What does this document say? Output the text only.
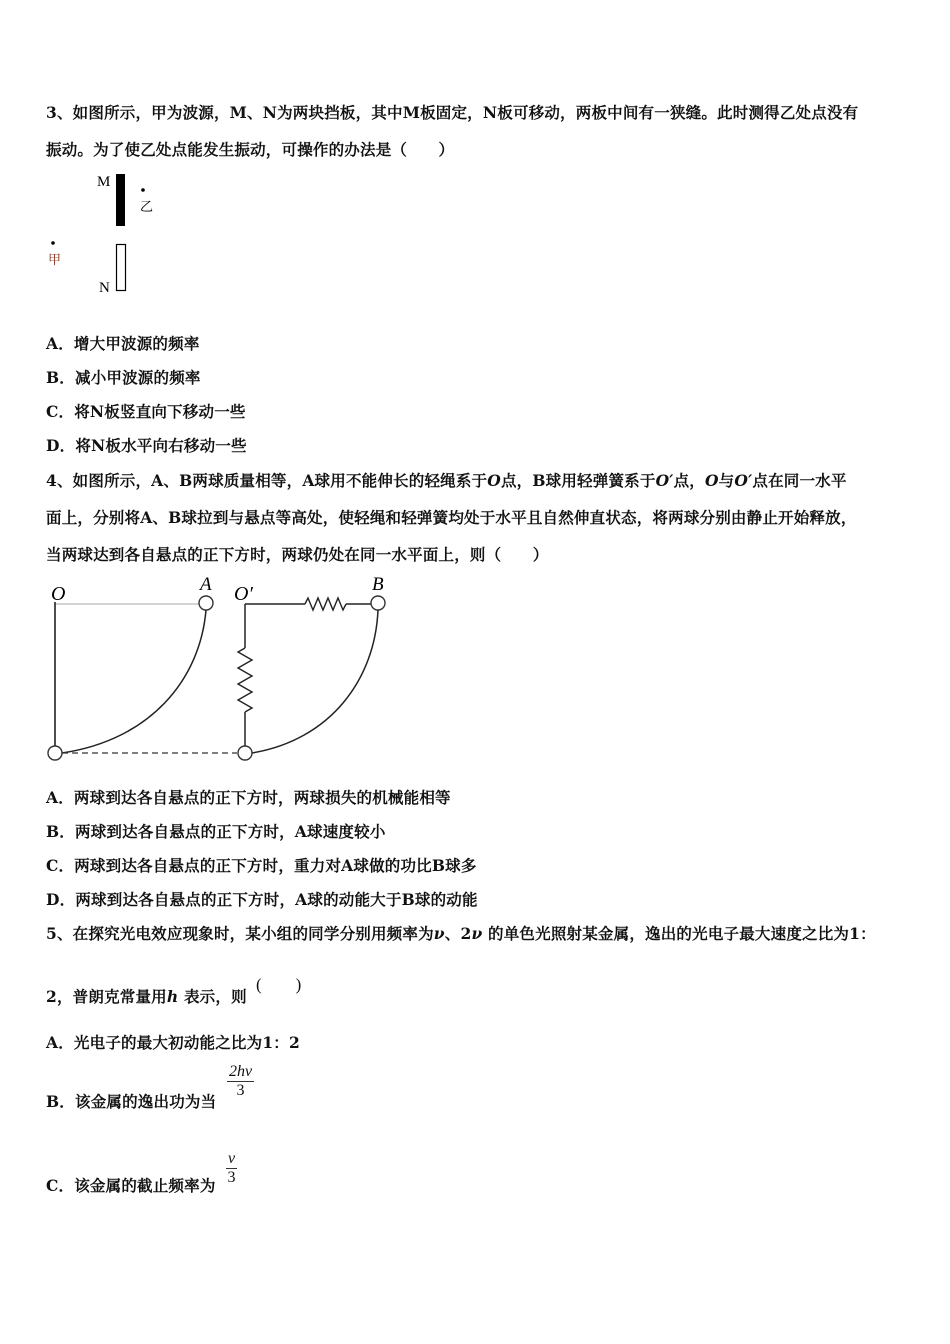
3、如图所示，甲为波源，M、N为两块挡板，其中M板固定，N板可移动，两板中间有一狭缝。此时测得乙处点没有
振动。为了使乙处点能发生振动，可操作的办法是（　　）
M
乙
甲
N
A．增大甲波源的频率
B．减小甲波源的频率
C．将N板竖直向下移动一些
D．将N板水平向右移动一些
4、如图所示，A、B两球质量相等，A球用不能伸长的轻绳系于O点，B球用轻弹簧系于O′点，O与O′点在同一水平
面上，分别将A、B球拉到与悬点等高处，使轻绳和轻弹簧均处于水平且自然伸直状态，将两球分别由静止开始释放，
当两球达到各自悬点的正下方时，两球仍处在同一水平面上，则（　　）
O	A O′	B
A．两球到达各自悬点的正下方时，两球损失的机械能相等
B．两球到达各自悬点的正下方时，A球速度较小
C．两球到达各自悬点的正下方时，重力对A球做的功比B球多
D．两球到达各自悬点的正下方时，A球的动能大于B球的动能
5、在探究光电效应现象时，某小组的同学分别用频率为ν、2ν 的单色光照射某金属，逸出的光电子最大速度之比为1：
2，普朗克常量用h 表示，则
(　　)
A．光电子的最大初动能之比为1：2
B．该金属的逸出功为当
$\frac{2h\nu}{3}$
C．该金属的截止频率为 $\frac{\nu}{3}$
